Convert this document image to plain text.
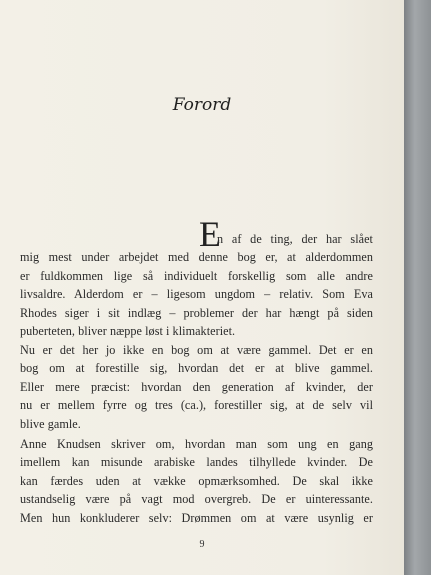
Forord
E
n af de ting, der har slået
mig mest under arbejdet med denne bog er, at alderdommen
er fuldkommen lige så individuelt forskellig som alle andre
livsaldre. Alderdom er – ligesom ungdom – relativ. Som Eva
Rhodes siger i sit indlæg – problemer der har hængt på siden
puberteten, bliver næppe løst i klimakteriet.
Nu er det her jo ikke en bog om at være gammel. Det er en
bog om at forestille sig, hvordan det er at blive gammel.
Eller mere præcist: hvordan den generation af kvinder, der
nu er mellem fyrre og tres (ca.), forestiller sig, at de selv vil
blive gamle.
Anne Knudsen skriver om, hvordan man som ung en gang
imellem kan misunde arabiske landes tilhyllede kvinder. De
kan færdes uden at vække opmærksomhed. De skal ikke
ustandselig være på vagt mod overgreb. De er uinteressante.
Men hun konkluderer selv: Drømmen om at være usynlig er
9
